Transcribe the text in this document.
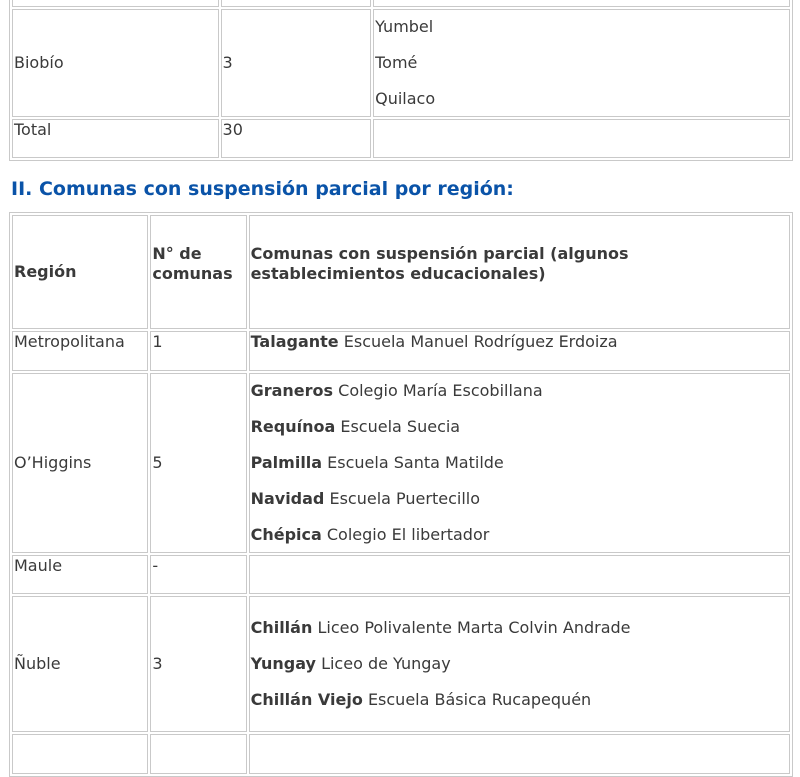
Biobío	3	Yumbel

Tomé

Quilaco

Total	30	
II. Comunas con suspensión parcial por región:
Región	N° de comunas	Comunas con suspensión parcial (algunos establecimientos educacionales)
Metropolitana	1	Talagante Escuela Manuel Rodríguez Erdoiza
O’Higgins	5	Graneros Colegio María Escobillana

Requínoa Escuela Suecia

Palmilla Escuela Santa Matilde

Navidad Escuela Puertecillo

Chépica Colegio El libertador

Maule	-	
Ñuble	3	Chillán Liceo Polivalente Marta Colvin Andrade

Yungay Liceo de Yungay

Chillán Viejo Escuela Básica Rucapequén
